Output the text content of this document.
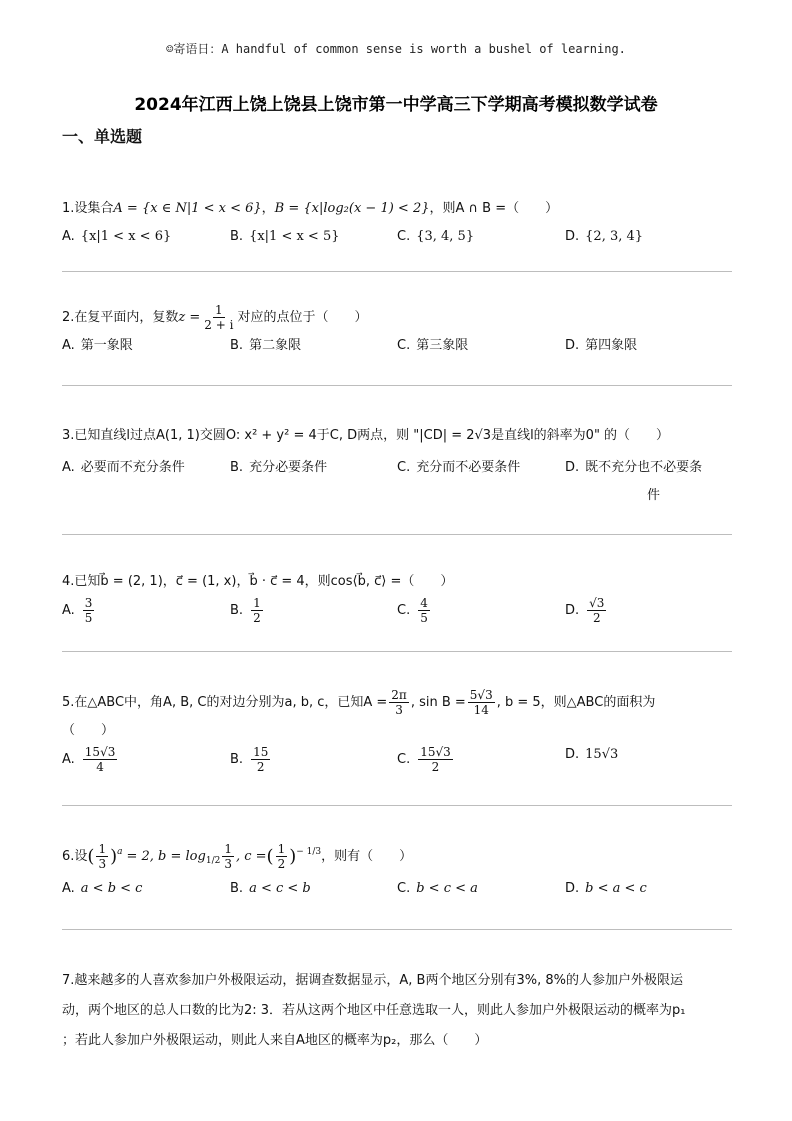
☺寄语日：A handful of common sense is worth a bushel of learning.
2024年江西上饶上饶县上饶市第一中学高三下学期高考模拟数学试卷
一、单选题
1.设集合A = {x ∈ N|1 < x < 6}，B = {x|log₂(x − 1) < 2}，则A ∩ B =（　　）
A. {x|1 < x < 6}	B. {x|1 < x < 5}	C. {3, 4, 5}	D. {2, 3, 4}
2.在复平面内，复数 $z = \frac{1}{2 + i}$ 对应的点位于（　　）
A. 第一象限	B. 第二象限	C. 第三象限	D. 第四象限
3.已知直线l过点A(1, 1)交圆O: x² + y² = 4于C, D两点，则 "|CD| = 2√3是直线l的斜率为0" 的（　　）
A. 必要而不充分条件	B. 充分必要条件	C. 充分而不必要条件	D. 既不充分也不必要条
件
4.已知b⃗ = (2, 1)，c⃗ = (1, x)，b⃗ · c⃗ = 4，则cos⟨b⃗, c⃗⟩ =（　　）
A. $\frac{3}{5}$	B. $\frac{1}{2}$	C. $\frac{4}{5}$	D. $\frac{√3}{2}$
5.在△ABC中，角A, B, C的对边分别为a, b, c，已知$A = \frac{2\pi}{3}$ , $\sin B = \frac{5√3}{14}$ , b = 5，则△ABC的面积为
（　　）
A. $\frac{15√3}{4}$	B. $\frac{15}{2}$	C. $\frac{15√3}{2}$	D. 15√3
6.设 ( $\frac{1}{3} )^a = 2$, $b = \log_{1/2} \frac{1}{3}$ , c = ( $\frac{1}{2} )^{- 1/3}$ ，则有（　　）
A. a < b < c	B. a < c < b	C. b < c < a	D. b < a < c
7.越来越多的人喜欢参加户外极限运动，据调查数据显示，A, B两个地区分别有3%, 8%的人参加户外极限运
动，两个地区的总人口数的比为2: 3．若从这两个地区中任意选取一人，则此人参加户外极限运动的概率为p₁
；若此人参加户外极限运动，则此人来自A地区的概率为p₂，那么（　　）
